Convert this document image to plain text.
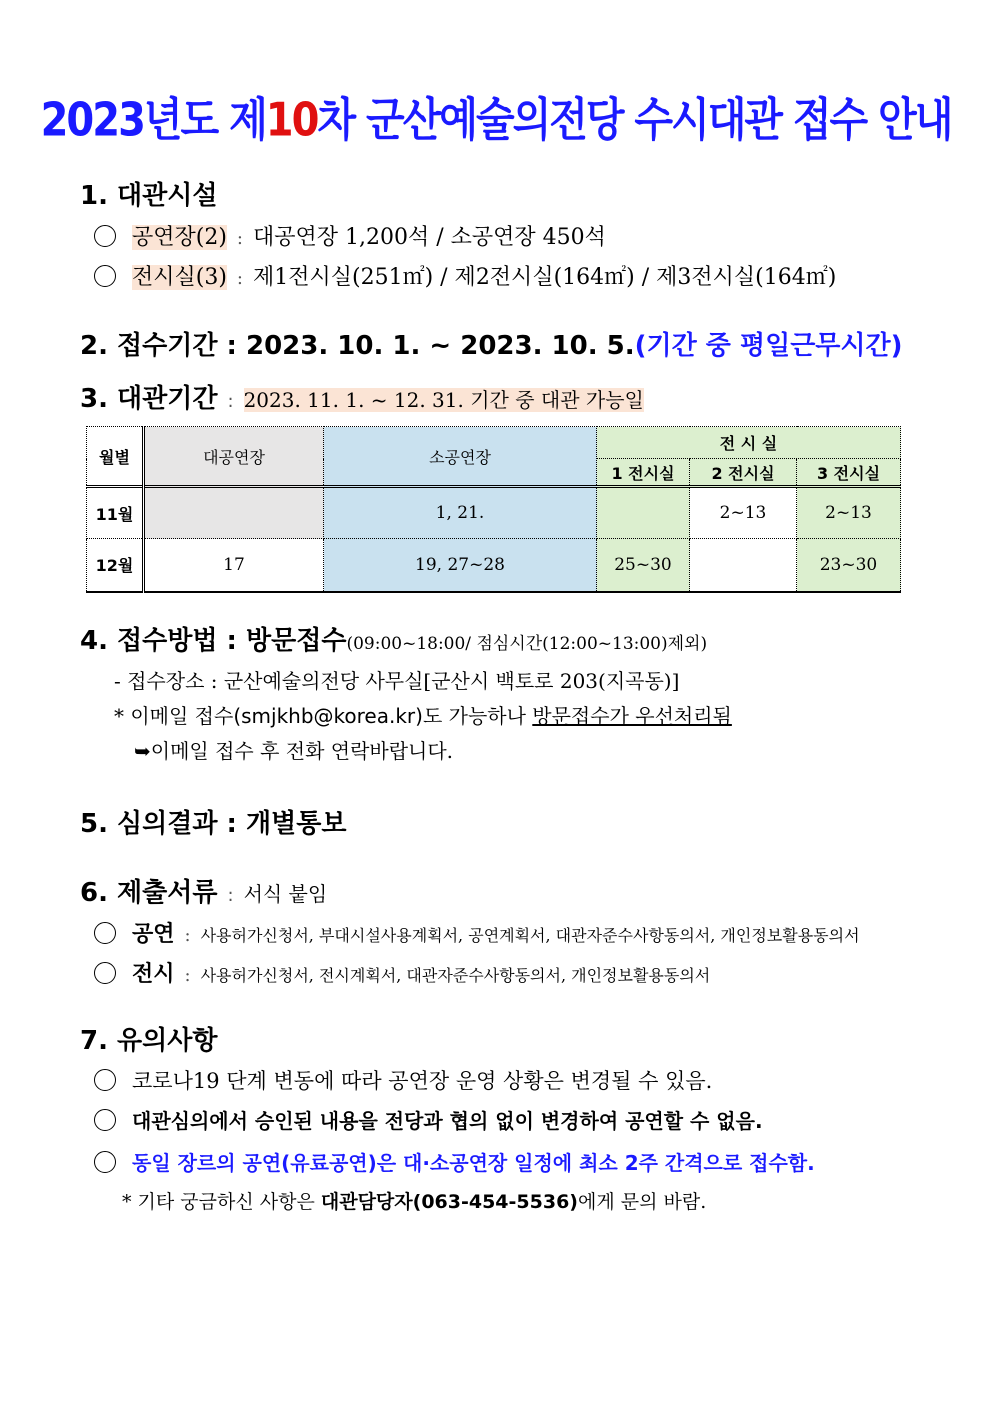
2023년도 제10차 군산예술의전당 수시대관 접수 안내
1. 대관시설
공연장(2) : 대공연장 1,200석 / 소공연장 450석
전시실(3) : 제1전시실(251㎡) / 제2전시실(164㎡) / 제3전시실(164㎡)
2. 접수기간 : 2023. 10. 1. ~ 2023. 10. 5.(기간 중 평일근무시간)
3. 대관기간 : 2023. 11. 1. ~ 12. 31. 기간 중 대관 가능일
월별	대공연장	소공연장	전 시 실		
			1 전시실	2 전시실	3 전시실
11월		1, 21.		2~13	2~13
12월	17	19, 27~28	25~30		23~30
4. 접수방법 : 방문접수(09:00~18:00/ 점심시간(12:00~13:00)제외)
- 접수장소 : 군산예술의전당 사무실[군산시 백토로 203(지곡동)]
* 이메일 접수(smjkhb@korea.kr)도 가능하나 방문접수가 우선처리됨
➥이메일 접수 후 전화 연락바랍니다.
5. 심의결과 : 개별통보
6. 제출서류 : 서식 붙임
공연 : 사용허가신청서, 부대시설사용계획서, 공연계획서, 대관자준수사항동의서, 개인정보활용동의서
전시 : 사용허가신청서, 전시계획서, 대관자준수사항동의서, 개인정보활용동의서
7. 유의사항
코로나19 단계 변동에 따라 공연장 운영 상황은 변경될 수 있음.
대관심의에서 승인된 내용을 전당과 협의 없이 변경하여 공연할 수 없음.
동일 장르의 공연(유료공연)은 대·소공연장 일정에 최소 2주 간격으로 접수함.
* 기타 궁금하신 사항은 대관담당자(063-454-5536)에게 문의 바람.
